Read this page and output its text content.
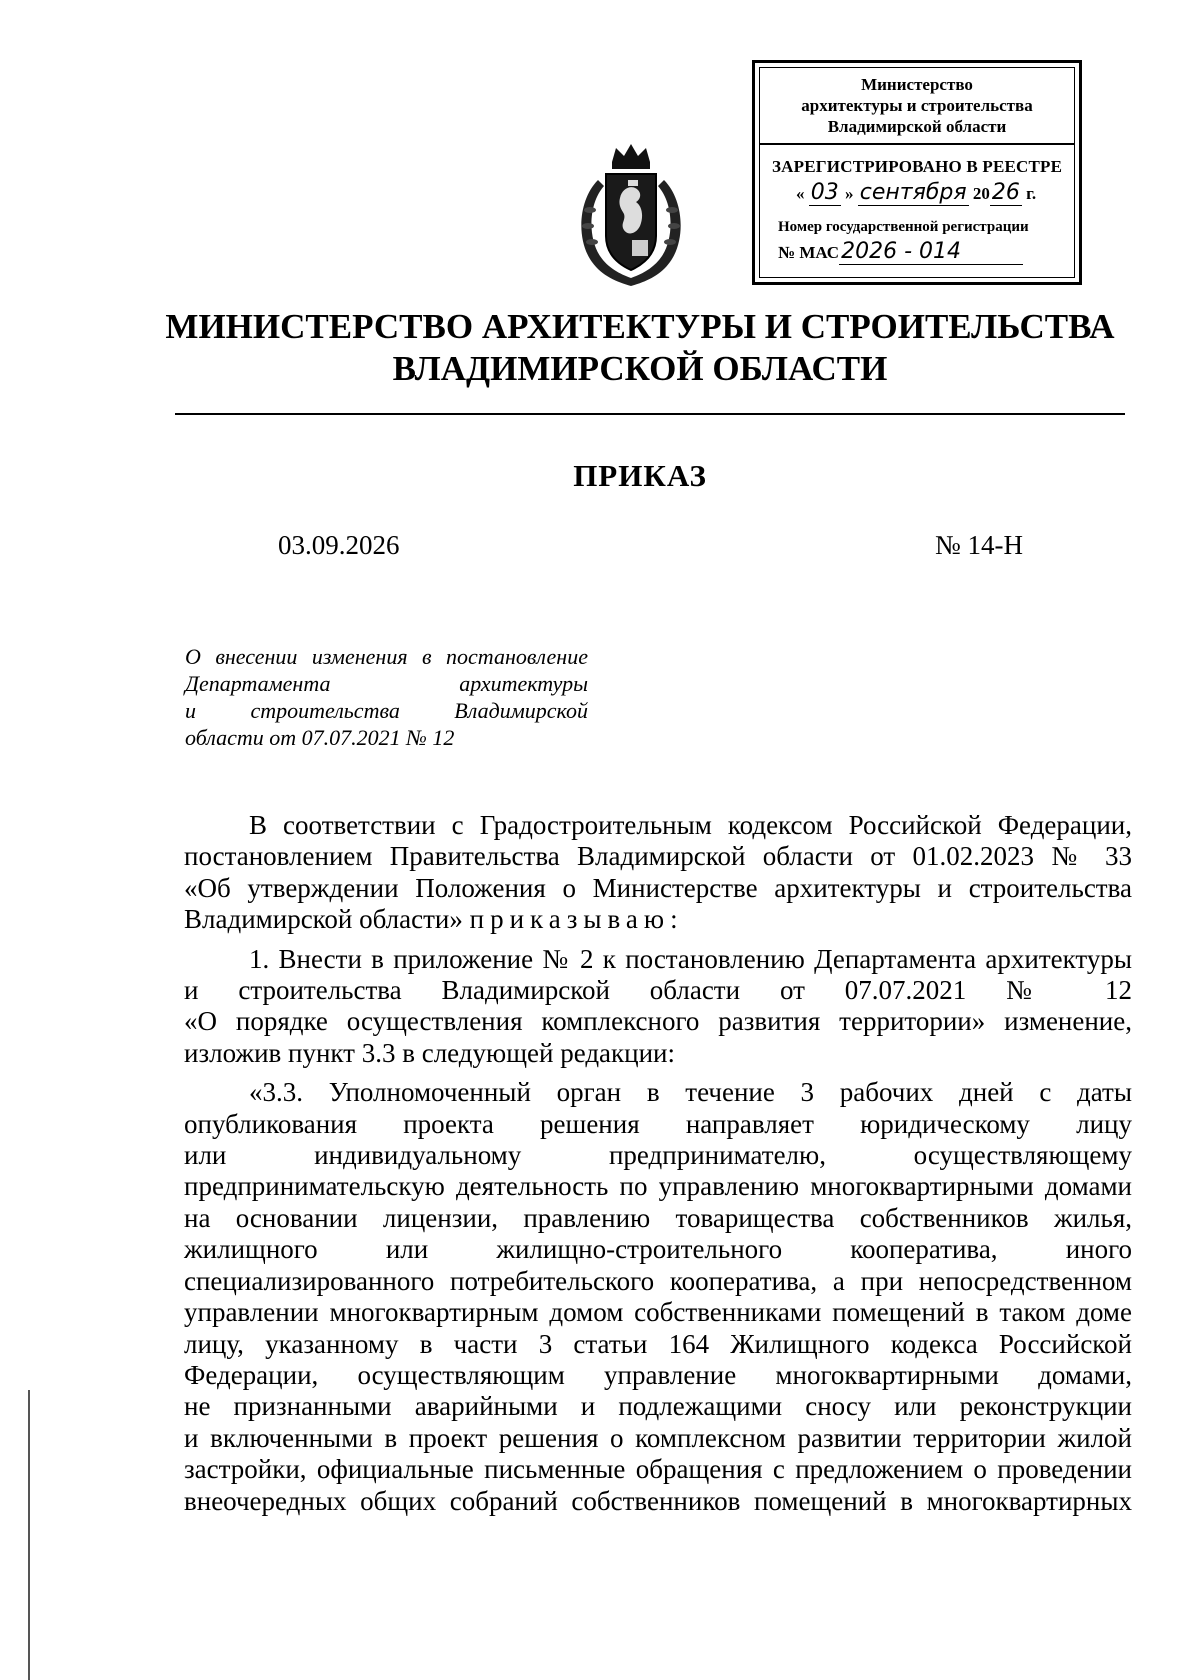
Министерство
архитектуры и строительства
Владимирской области
ЗАРЕГИСТРИРОВАНО В РЕЕСТРЕ
« 03 » сентября 2026 г.
Номер государственной регистрации
№ МАС2026 - 014
МИНИСТЕРСТВО АРХИТЕКТУРЫ И СТРОИТЕЛЬСТВА
ВЛАДИМИРСКОЙ ОБЛАСТИ
ПРИКАЗ
03.09.2026	№ 14-Н
О внесении изменения в постановление
Департамента архитектуры
и строительства Владимирской
области от 07.07.2021 № 12
В соответствии с Градостроительным кодексом Российской Федерации,
постановлением Правительства Владимирской области от 01.02.2023 № 33
«Об утверждении Положения о Министерстве архитектуры и строительства
Владимирской области» приказываю:
1. Внести в приложение № 2 к постановлению Департамента архитектуры
и строительства Владимирской области от 07.07.2021 № 12
«О порядке осуществления комплексного развития территории» изменение,
изложив пункт 3.3 в следующей редакции:
«3.3. Уполномоченный орган в течение 3 рабочих дней с даты
опубликования проекта решения направляет юридическому лицу
или индивидуальному предпринимателю, осуществляющему
предпринимательскую деятельность по управлению многоквартирными домами
на основании лицензии, правлению товарищества собственников жилья,
жилищного или жилищно-строительного кооператива, иного
специализированного потребительского кооператива, а при непосредственном
управлении многоквартирным домом собственниками помещений в таком доме
лицу, указанному в части 3 статьи 164 Жилищного кодекса Российской
Федерации, осуществляющим управление многоквартирными домами,
не признанными аварийными и подлежащими сносу или реконструкции
и включенными в проект решения о комплексном развитии территории жилой
застройки, официальные письменные обращения с предложением о проведении
внеочередных общих собраний собственников помещений в многоквартирных
